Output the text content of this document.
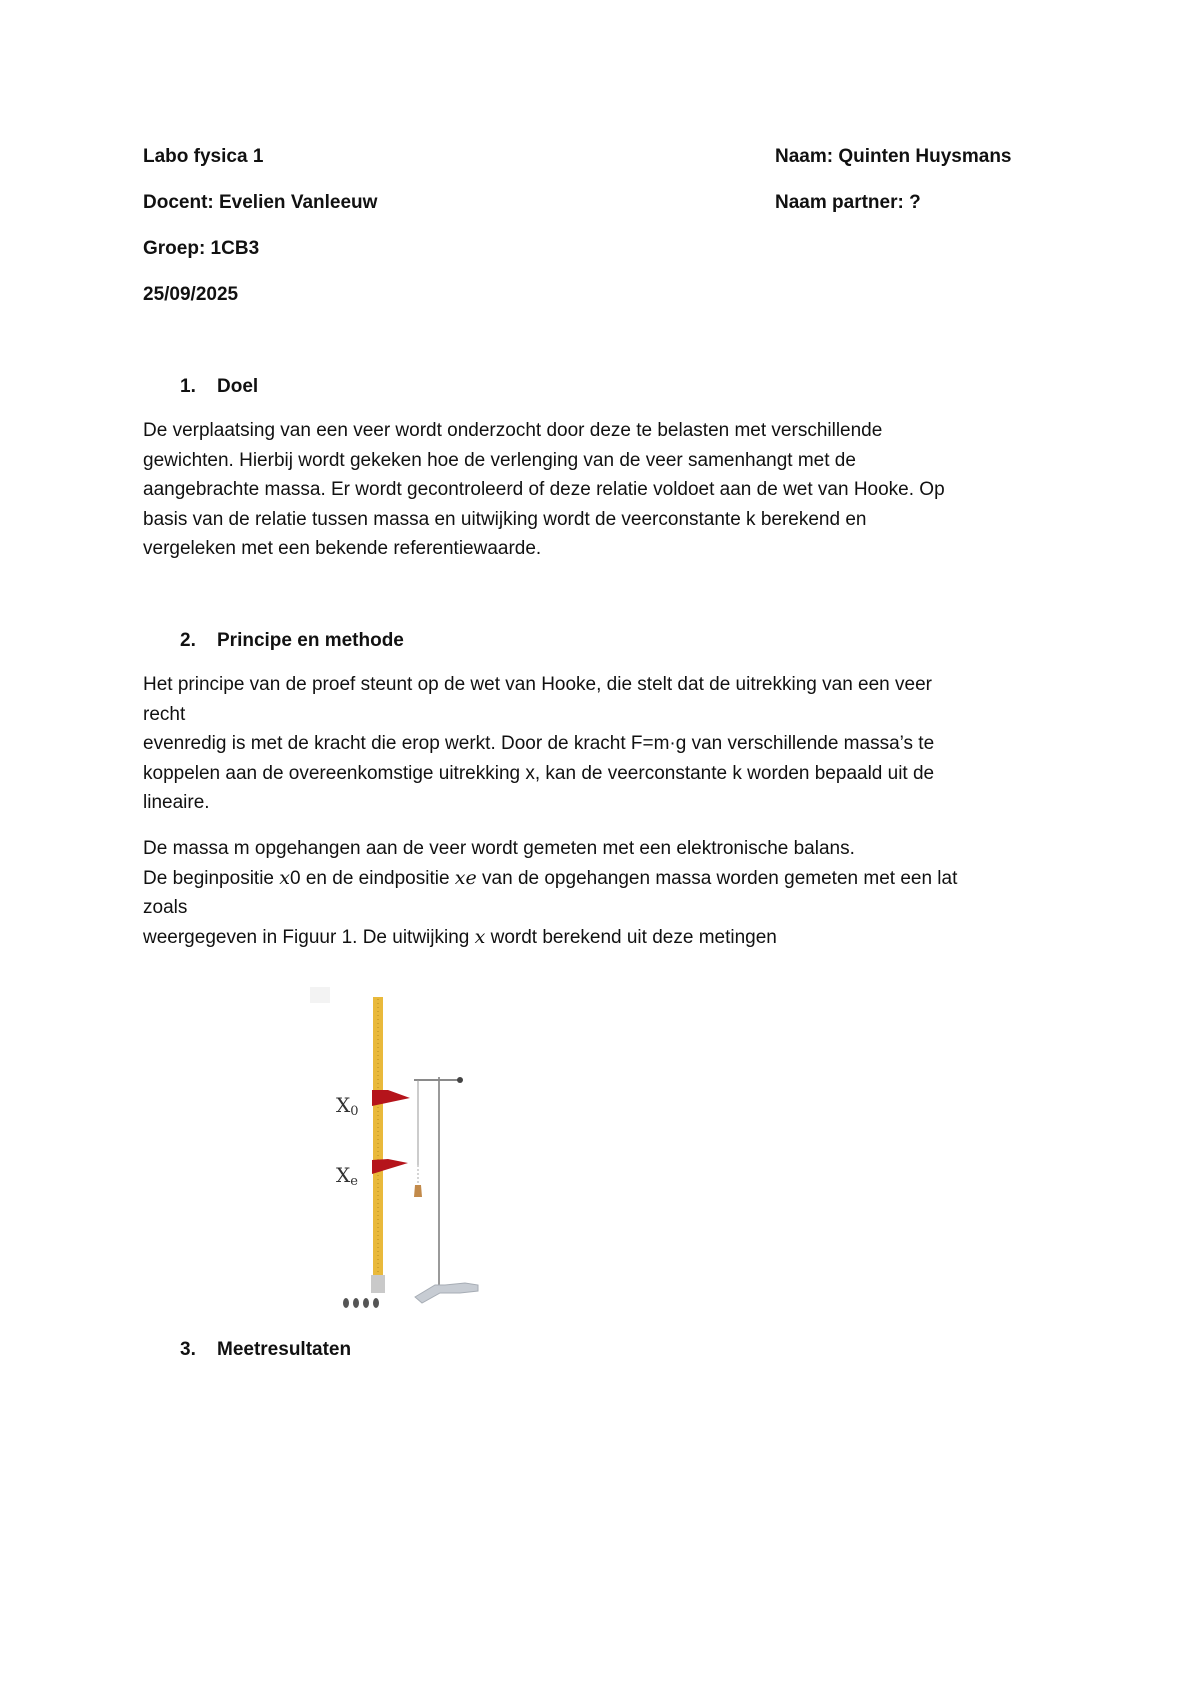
Labo fysica 1
Docent: Evelien Vanleeuw
Groep: 1CB3
25/09/2025
Naam: Quinten Huysmans
Naam partner: ?
1. Doel

De verplaatsing van een veer wordt onderzocht door deze te belasten met verschillende

gewichten. Hierbij wordt gekeken hoe de verlenging van de veer samenhangt met de

aangebrachte massa. Er wordt gecontroleerd of deze relatie voldoet aan de wet van Hooke. Op

basis van de relatie tussen massa en uitwijking wordt de veerconstante k berekend en

vergeleken met een bekende referentiewaarde.

2. Principe en methode

Het principe van de proef steunt op de wet van Hooke, die stelt dat de uitrekking van een veer

recht

evenredig is met de kracht die erop werkt. Door de kracht F=m·g van verschillende massa’s te

koppelen aan de overeenkomstige uitrekking x, kan de veerconstante k worden bepaald uit de

lineaire.

De massa m opgehangen aan de veer wordt gemeten met een elektronische balans.

De beginpositie x0 en de eindpositie xe van de opgehangen massa worden gemeten met een lat

zoals

weergegeven in Figuur 1. De uitwijking x wordt berekend uit deze metingen

X0
Xe
3. Meetresultaten
